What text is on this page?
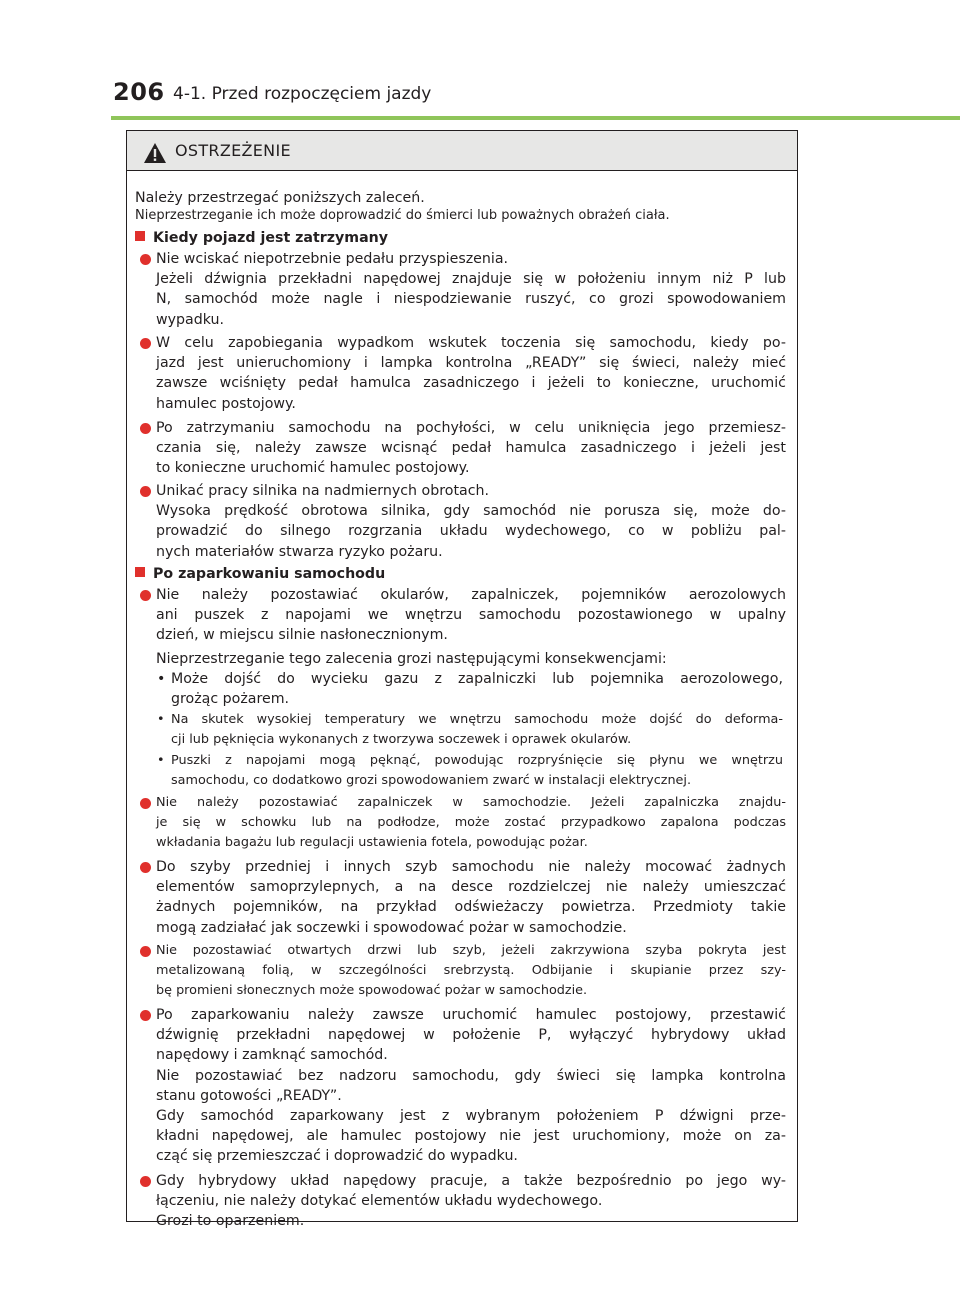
206 4-1. Przed rozpoczęciem jazdy
OSTRZEŻENIE
Należy przestrzegać poniższych zaleceń.
Nieprzestrzeganie ich może doprowadzić do śmierci lub poważnych obrażeń ciała.
Kiedy pojazd jest zatrzymany
Nie wciskać niepotrzebnie pedału przyspieszenia.
Jeżeli dźwignia przekładni napędowej znajduje się w położeniu innym niż P lub
N, samochód może nagle i niespodziewanie ruszyć, co grozi spowodowaniem
wypadku.
W celu zapobiegania wypadkom wskutek toczenia się samochodu, kiedy po-
jazd jest unieruchomiony i lampka kontrolna „READY” się świeci, należy mieć
zawsze wciśnięty pedał hamulca zasadniczego i jeżeli to konieczne, uruchomić
hamulec postojowy.
Po zatrzymaniu samochodu na pochyłości, w celu uniknięcia jego przemiesz-
czania się, należy zawsze wcisnąć pedał hamulca zasadniczego i jeżeli jest
to konieczne uruchomić hamulec postojowy.
Unikać pracy silnika na nadmiernych obrotach.
Wysoka prędkość obrotowa silnika, gdy samochód nie porusza się, może do-
prowadzić do silnego rozgrzania układu wydechowego, co w pobliżu pal-
nych materiałów stwarza ryzyko pożaru.
Po zaparkowaniu samochodu
Nie należy pozostawiać okularów, zapalniczek, pojemników aerozolowych
ani puszek z napojami we wnętrzu samochodu pozostawionego w upalny
dzień, w miejscu silnie nasłonecznionym.
Nieprzestrzeganie tego zalecenia grozi następującymi konsekwencjami:
• Może dojść do wycieku gazu z zapalniczki lub pojemnika aerozolowego,
grożąc pożarem.
• Na skutek wysokiej temperatury we wnętrzu samochodu może dojść do deforma-
cji lub pęknięcia wykonanych z tworzywa soczewek i oprawek okularów.
• Puszki z napojami mogą pęknąć, powodując rozpryśnięcie się płynu we wnętrzu
samochodu, co dodatkowo grozi spowodowaniem zwarć w instalacji elektrycznej.
Nie należy pozostawiać zapalniczek w samochodzie. Jeżeli zapalniczka znajdu-
je się w schowku lub na podłodze, może zostać przypadkowo zapalona podczas
wkładania bagażu lub regulacji ustawienia fotela, powodując pożar.
Do szyby przedniej i innych szyb samochodu nie należy mocować żadnych
elementów samoprzylepnych, a na desce rozdzielczej nie należy umieszczać
żadnych pojemników, na przykład odświeżaczy powietrza. Przedmioty takie
mogą zadziałać jak soczewki i spowodować pożar w samochodzie.
Nie pozostawiać otwartych drzwi lub szyb, jeżeli zakrzywiona szyba pokryta jest
metalizowaną folią, w szczególności srebrzystą. Odbijanie i skupianie przez szy-
bę promieni słonecznych może spowodować pożar w samochodzie.
Po zaparkowaniu należy zawsze uruchomić hamulec postojowy, przestawić
dźwignię przekładni napędowej w położenie P, wyłączyć hybrydowy układ
napędowy i zamknąć samochód.
Nie pozostawiać bez nadzoru samochodu, gdy świeci się lampka kontrolna
stanu gotowości „READY”.
Gdy samochód zaparkowany jest z wybranym położeniem P dźwigni prze-
kładni napędowej, ale hamulec postojowy nie jest uruchomiony, może on za-
cząć się przemieszczać i doprowadzić do wypadku.
Gdy hybrydowy układ napędowy pracuje, a także bezpośrednio po jego wy-
łączeniu, nie należy dotykać elementów układu wydechowego.
Grozi to oparzeniem.
